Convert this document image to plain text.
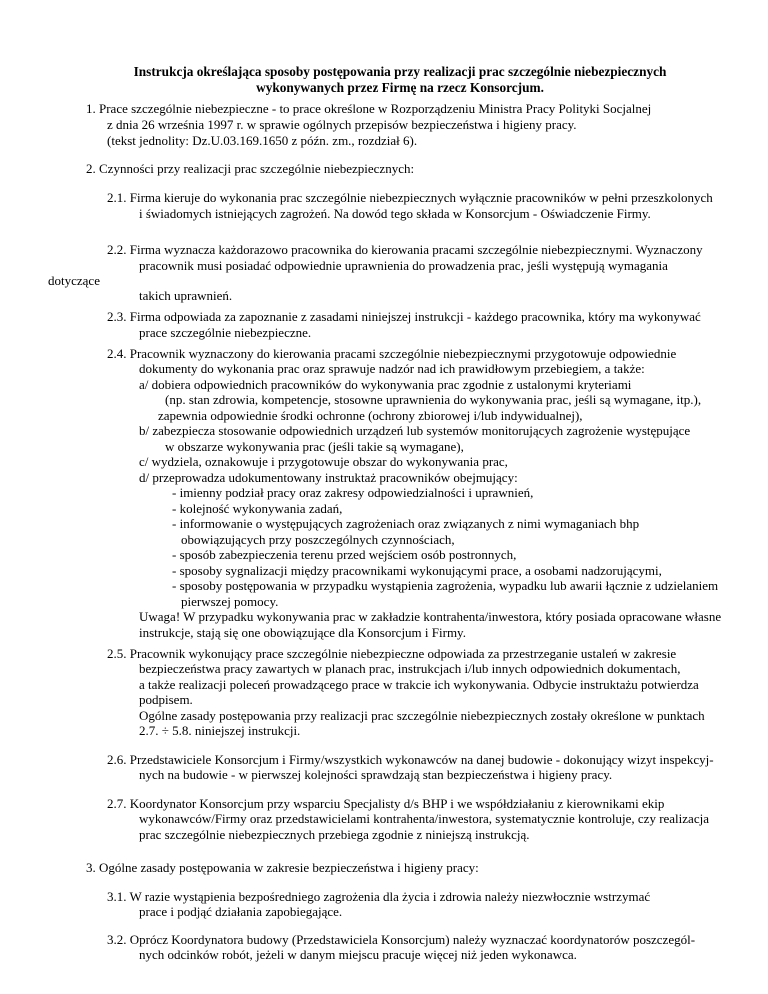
Instrukcja określająca sposoby postępowania przy realizacji prac szczególnie niebezpiecznych
wykonywanych przez Firmę na rzecz Konsorcjum.
1. Prace szczególnie niebezpieczne - to prace określone w Rozporządzeniu Ministra Pracy Polityki Socjalnej
z dnia 26 września 1997 r. w sprawie ogólnych przepisów bezpieczeństwa i higieny pracy.
(tekst jednolity: Dz.U.03.169.1650 z późn. zm., rozdział 6).
2. Czynności przy realizacji prac szczególnie niebezpiecznych:
2.1. Firma kieruje do wykonania prac szczególnie niebezpiecznych wyłącznie pracowników w pełni przeszkolonych
i świadomych istniejących zagrożeń. Na dowód tego składa w Konsorcjum - Oświadczenie Firmy.
2.2. Firma wyznacza każdorazowo pracownika do kierowania pracami szczególnie niebezpiecznymi. Wyznaczony
pracownik musi posiadać odpowiednie uprawnienia do prowadzenia prac, jeśli występują wymagania
dotyczące
takich uprawnień.
2.3. Firma odpowiada za zapoznanie z zasadami niniejszej instrukcji - każdego pracownika, który ma wykonywać
prace szczególnie niebezpieczne.
2.4. Pracownik wyznaczony do kierowania pracami szczególnie niebezpiecznymi przygotowuje odpowiednie
dokumenty do wykonania prac oraz sprawuje nadzór nad ich prawidłowym przebiegiem, a także:
a/ dobiera odpowiednich pracowników do wykonywania prac zgodnie z ustalonymi kryteriami
(np. stan zdrowia, kompetencje, stosowne uprawnienia do wykonywania prac, jeśli są wymagane, itp.),
zapewnia odpowiednie środki ochronne (ochrony zbiorowej i/lub indywidualnej),
b/ zabezpiecza stosowanie odpowiednich urządzeń lub systemów monitorujących zagrożenie występujące
w obszarze wykonywania prac (jeśli takie są wymagane),
c/ wydziela, oznakowuje i przygotowuje obszar do wykonywania prac,
d/ przeprowadza udokumentowany instruktaż pracowników obejmujący:
- imienny podział pracy oraz zakresy odpowiedzialności i uprawnień,
- kolejność wykonywania zadań,
- informowanie o występujących zagrożeniach oraz związanych z nimi wymaganiach bhp
obowiązujących przy poszczególnych czynnościach,
- sposób zabezpieczenia terenu przed wejściem osób postronnych,
- sposoby sygnalizacji między pracownikami wykonującymi prace, a osobami nadzorującymi,
- sposoby postępowania w przypadku wystąpienia zagrożenia, wypadku lub awarii łącznie z udzielaniem
pierwszej pomocy.
Uwaga! W przypadku wykonywania prac w zakładzie kontrahenta/inwestora, który posiada opracowane własne
instrukcje, stają się one obowiązujące dla Konsorcjum i Firmy.
2.5. Pracownik wykonujący prace szczególnie niebezpieczne odpowiada za przestrzeganie ustaleń w zakresie
bezpieczeństwa pracy zawartych w planach prac, instrukcjach i/lub innych odpowiednich dokumentach,
a także realizacji poleceń prowadzącego prace w trakcie ich wykonywania. Odbycie instruktażu potwierdza
podpisem.
Ogólne zasady postępowania przy realizacji prac szczególnie niebezpiecznych zostały określone w punktach
2.7. ÷ 5.8. niniejszej instrukcji.
2.6. Przedstawiciele Konsorcjum i Firmy/wszystkich wykonawców na danej budowie - dokonujący wizyt inspekcyj-
nych na budowie - w pierwszej kolejności sprawdzają stan bezpieczeństwa i higieny pracy.
2.7. Koordynator Konsorcjum przy wsparciu Specjalisty d/s BHP i we współdziałaniu z kierownikami ekip
wykonawców/Firmy oraz przedstawicielami kontrahenta/inwestora, systematycznie kontroluje, czy realizacja
prac szczególnie niebezpiecznych przebiega zgodnie z niniejszą instrukcją.
3. Ogólne zasady postępowania w zakresie bezpieczeństwa i higieny pracy:
3.1. W razie wystąpienia bezpośredniego zagrożenia dla życia i zdrowia należy niezwłocznie wstrzymać
prace i podjąć działania zapobiegające.
3.2. Oprócz Koordynatora budowy (Przedstawiciela Konsorcjum) należy wyznaczać koordynatorów poszczegól-
nych odcinków robót, jeżeli w danym miejscu pracuje więcej niż jeden wykonawca.
